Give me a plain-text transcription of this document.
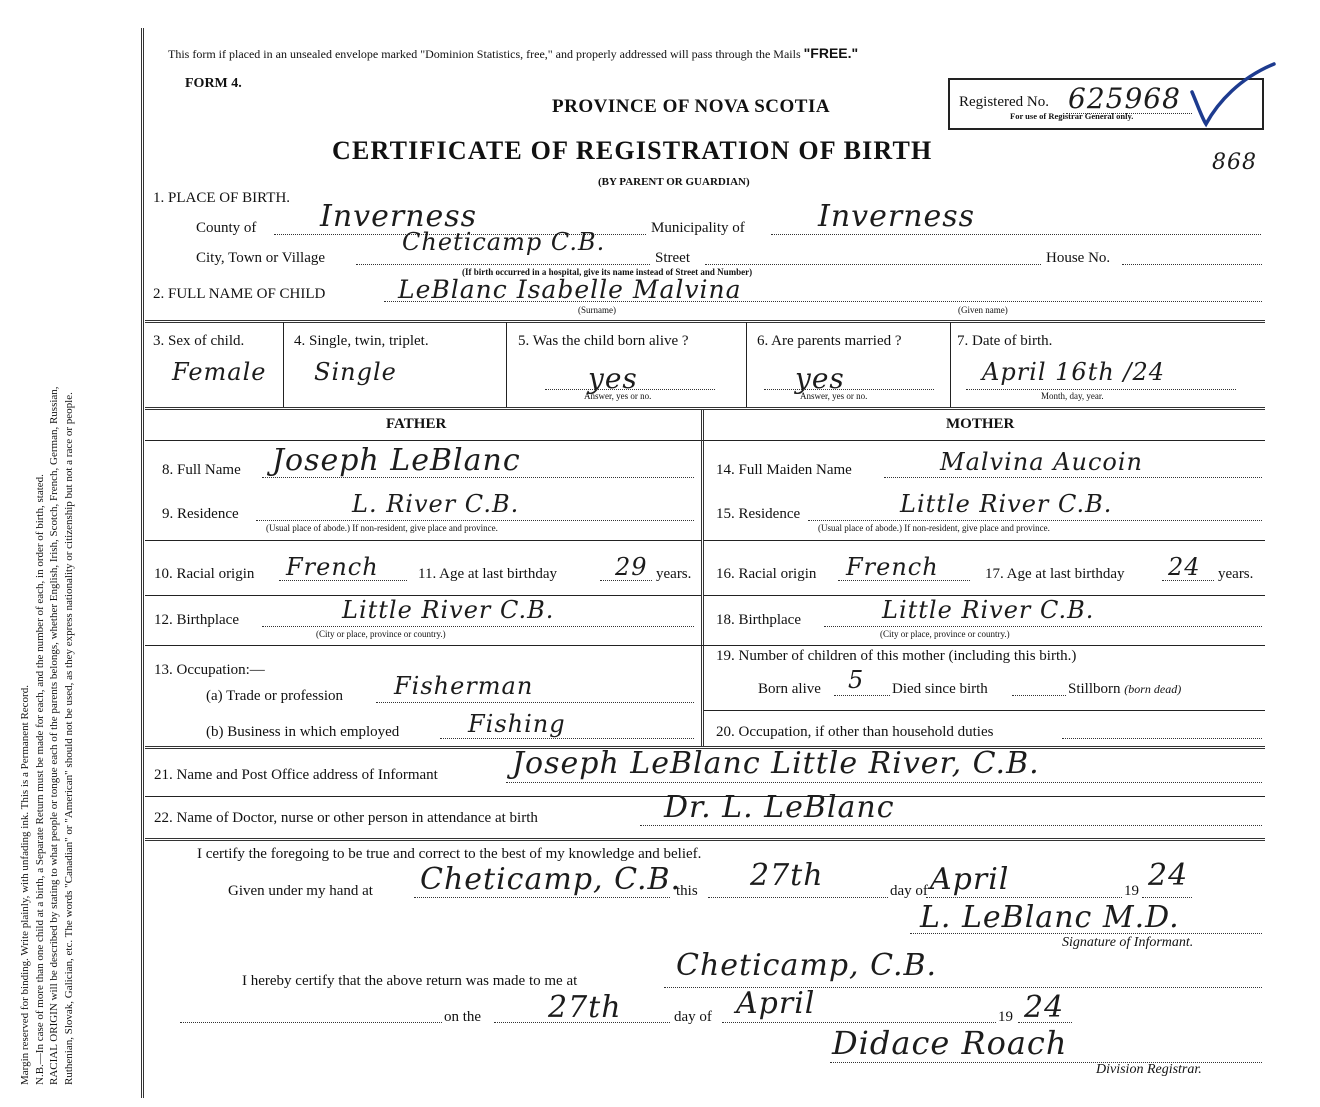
Margin reserved for binding. Write plainly, with unfading ink. This is a Permanent Record. N.B.—In case of more than one child at a birth, a Separate Return must be made for each, and the number of each, in order of birth, stated. RACIAL ORIGIN will be described by stating to what people or tongue each of the parents belongs, whether English, Irish, Scotch, French, German, Russian, Ruthenian, Slovak, Galician, etc. The words "Canadian" or "American" should not be used, as they express nationality or citizenship but not a race or people.
This form if placed in an unsealed envelope marked "Dominion Statistics, free," and properly addressed will pass through the Mails "FREE."
FORM 4.
PROVINCE OF NOVA SCOTIA
CERTIFICATE OF REGISTRATION OF BIRTH
(BY PARENT OR GUARDIAN)
Registered No. 625968
For use of Registrar General only.
868
1. PLACE OF BIRTH.
County of Inverness	Municipality of Inverness
City, Town or Village
Cheticamp C.B.
Street	House No.
(If birth occurred in a hospital, give its name instead of Street and Number)
2. FULL NAME OF CHILD	LeBlanc Isabelle Malvina
(Surname)	(Given name)
3. Sex of child.
Female
4. Single, twin, triplet.
Single
5. Was the child born alive ?
yes
Answer, yes or no.
6. Are parents married ?
yes
Answer, yes or no.
7. Date of birth.
April 16th /24
Month, day, year.
FATHER	MOTHER
8. Full Name Joseph LeBlanc
9. Residence	L. River C.B.
(Usual place of abode.) If non-resident, give place and province.
10. Racial origin French	11. Age at last birthday 29 years.
12. Birthplace	Little River C.B.
(City or place, province or country.)
13. Occupation:—
(a) Trade or profession Fisherman
(b) Business in which employed	Fishing
14. Full Maiden Name	Malvina Aucoin
15. Residence	Little River C.B.
(Usual place of abode.) If non-resident, give place and province.
16. Racial origin French	17. Age at last birthday 24 years.
18. Birthplace	Little River C.B.
(City or place, province or country.)
19. Number of children of this mother (including this birth.)
Born alive 5 Died since birth	Stillborn (born dead)
20. Occupation, if other than household duties
21. Name and Post Office address of Informant Joseph LeBlanc Little River, C.B.
22. Name of Doctor, nurse or other person in attendance at birth	Dr. L. LeBlanc
I certify the foregoing to be true and correct to the best of my knowledge and belief.
Given under my hand at Cheticamp, C.B.
this 27th	day of April	19 24
L. LeBlanc M.D.
Signature of Informant.
I hereby certify that the above return was made to me at	Cheticamp, C.B.
on the 27th	day of April	19 24
Didace Roach
Division Registrar.
